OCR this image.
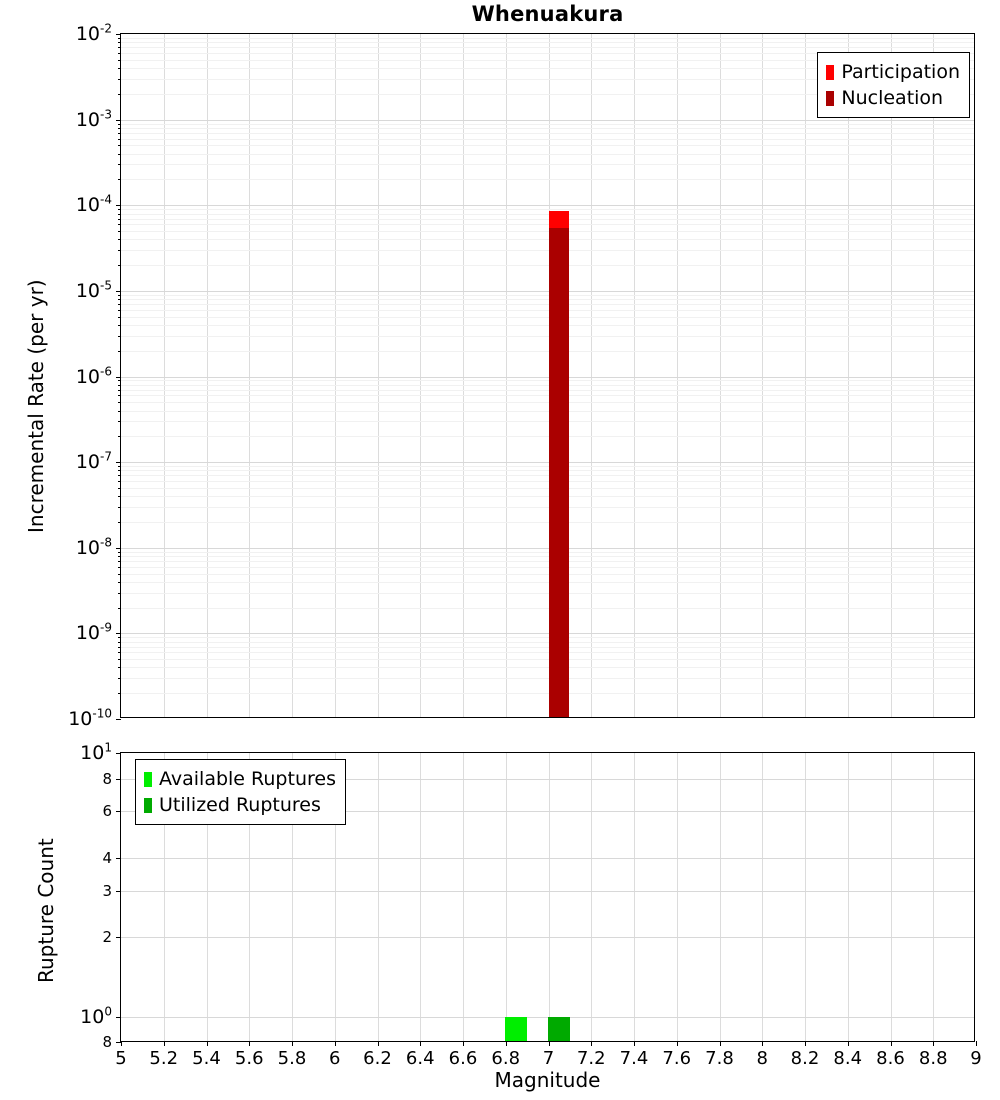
Whenuakura
Participation
Nucleation
$10^{-2}$
$10^{-3}$
$10^{-4}$
$10^{-5}$
$10^{-6}$
$10^{-7}$
$10^{-8}$
$10^{-9}$
$10^{-10}$
Incremental Rate (per yr)
Available Ruptures
Utilized Ruptures
5 5.2 5.4 5.6 5.8 6 6.2 6.4 6.6 6.8 7 7.2 7.4 7.6 7.8 8 8.2 8.4 8.6 8.8 9
$10^1$
8
6
4
3
2
$10^0$
8
Rupture Count
Magnitude
